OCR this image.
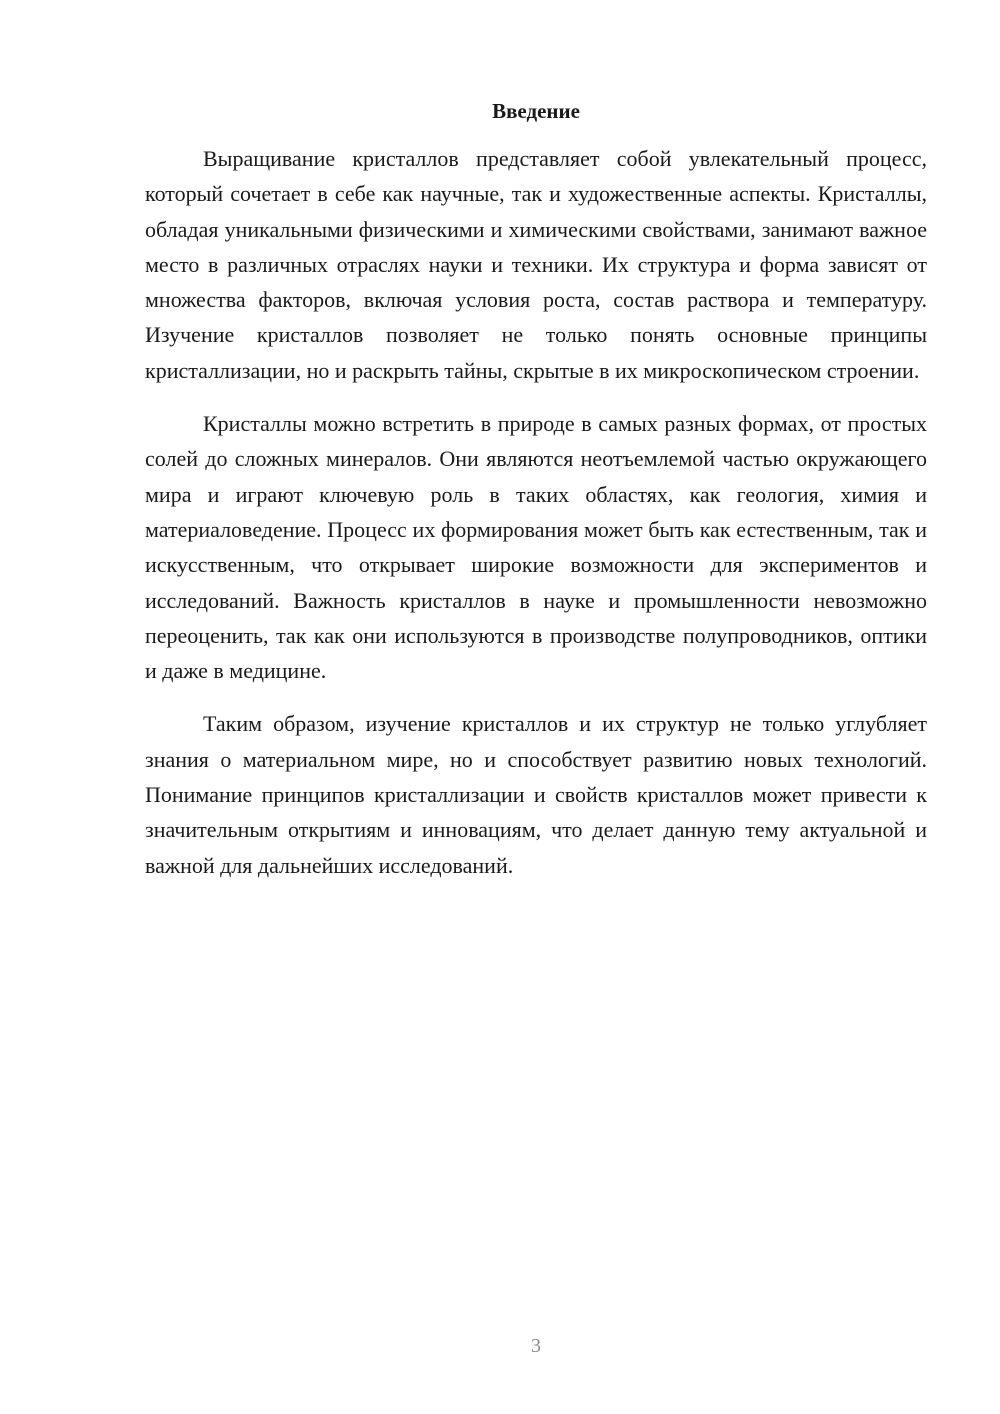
Введение

Выращивание кристаллов представляет собой увлекательный процесс, который сочетает в себе как научные, так и художественные аспекты. Кристаллы, обладая уникальными физическими и химическими свойствами, занимают важное место в различных отраслях науки и техники. Их структура и форма зависят от множества факторов, включая условия роста, состав раствора и температуру. Изучение кристаллов позволяет не только понять основные принципы кристаллизации, но и раскрыть тайны, скрытые в их микроскопическом строении.

Кристаллы можно встретить в природе в самых разных формах, от простых солей до сложных минералов. Они являются неотъемлемой частью окружающего мира и играют ключевую роль в таких областях, как геология, химия и материаловедение. Процесс их формирования может быть как естественным, так и искусственным, что открывает широкие возможности для экспериментов и исследований. Важность кристаллов в науке и промышленности невозможно переоценить, так как они используются в производстве полупроводников, оптики и даже в медицине.

Таким образом, изучение кристаллов и их структур не только углубляет знания о материальном мире, но и способствует развитию новых технологий. Понимание принципов кристаллизации и свойств кристаллов может привести к значительным открытиям и инновациям, что делает данную тему актуальной и важной для дальнейших исследований.

3
